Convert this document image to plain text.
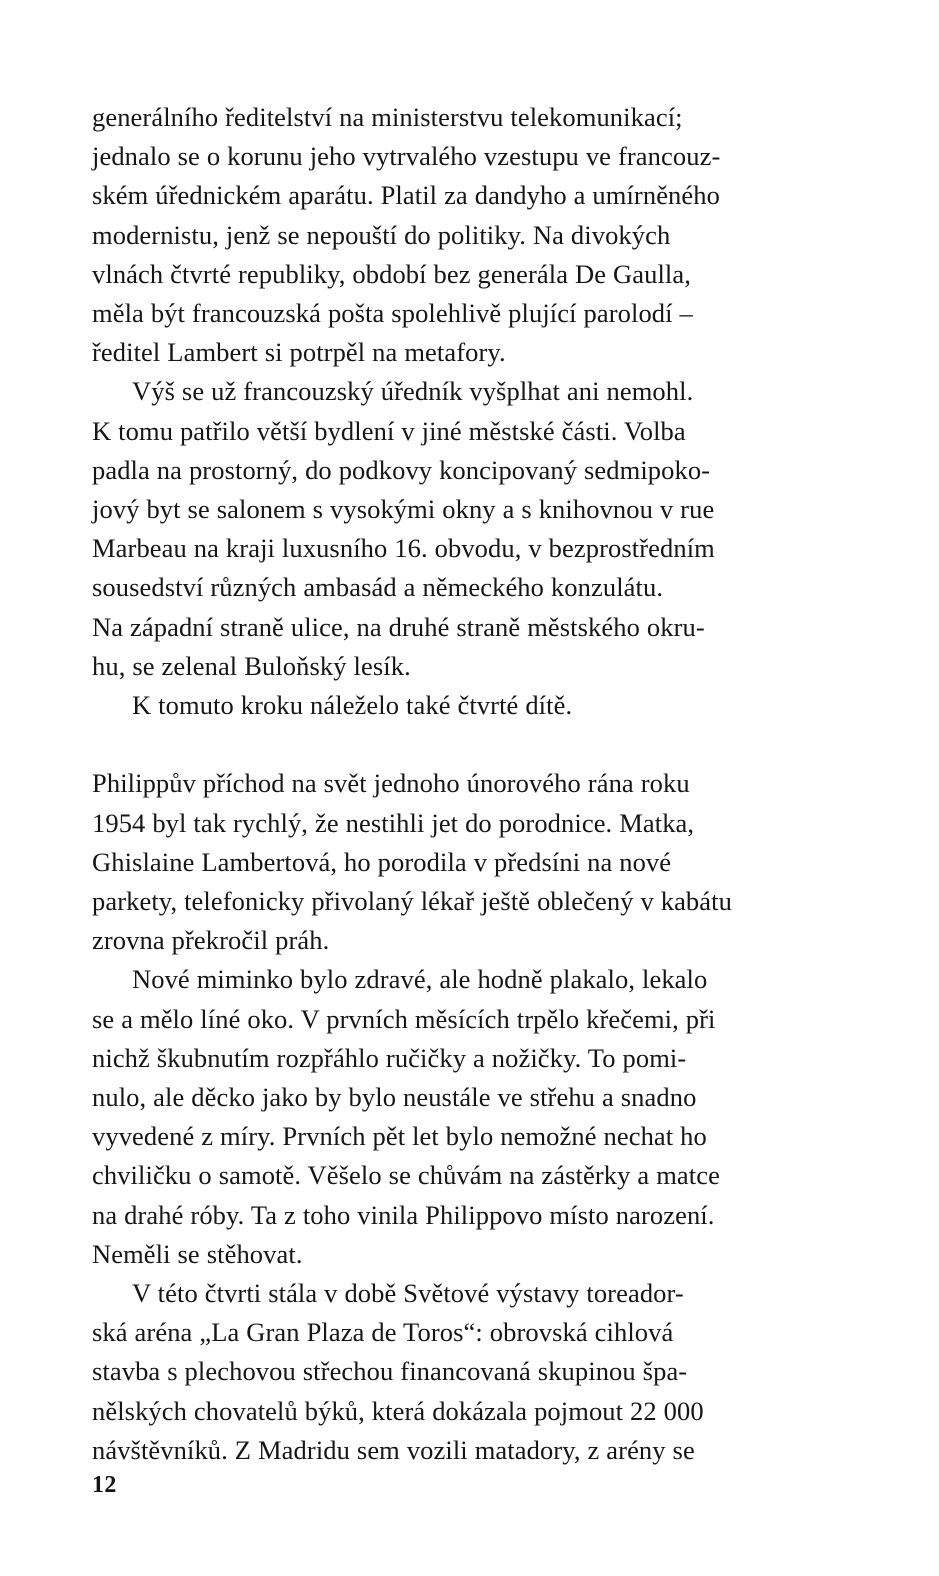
generálního ředitelství na ministerstvu telekomunikací;
jednalo se o korunu jeho vytrvalého vzestupu ve francouz-
ském úřednickém aparátu. Platil za dandyho a umírněného
modernistu, jenž se nepouští do politiky. Na divokých
vlnách čtvrté republiky, období bez generála De Gaulla,
měla být francouzská pošta spolehlivě plující parolodí –
ředitel Lambert si potrpěl na metafory.

Výš se už francouzský úředník vyšplhat ani nemohl.
K tomu patřilo větší bydlení v jiné městské části. Volba
padla na prostorný, do podkovy koncipovaný sedmipoko-
jový byt se salonem s vysokými okny a s knihovnou v rue
Marbeau na kraji luxusního 16. obvodu, v bezprostředním
sousedství různých ambasád a německého konzulátu.
Na západní straně ulice, na druhé straně městského okru-
hu, se zelenal Buloňský lesík.

K tomuto kroku náleželo také čtvrté dítě.

Philippův příchod na svět jednoho únorového rána roku
1954 byl tak rychlý, že nestihli jet do porodnice. Matka,
Ghislaine Lambertová, ho porodila v předsíni na nové
parkety, telefonicky přivolaný lékař ještě oblečený v kabátu
zrovna překročil práh.

Nové miminko bylo zdravé, ale hodně plakalo, lekalo
se a mělo líné oko. V prvních měsících trpělo křečemi, při
nichž škubnutím rozpřáhlo ručičky a nožičky. To pomi-
nulo, ale děcko jako by bylo neustále ve střehu a snadno
vyvedené z míry. Prvních pět let bylo nemožné nechat ho
chviličku o samotě. Věšelo se chůvám na zástěrky a matce
na drahé róby. Ta z toho vinila Philippovo místo narození.
Neměli se stěhovat.

V této čtvrti stála v době Světové výstavy toreador-
ská aréna „La Gran Plaza de Toros“: obrovská cihlová
stavba s plechovou střechou financovaná skupinou špa-
nělských chovatelů býků, která dokázala pojmout 22 000
návštěvníků. Z Madridu sem vozili matadory, z arény se

12
